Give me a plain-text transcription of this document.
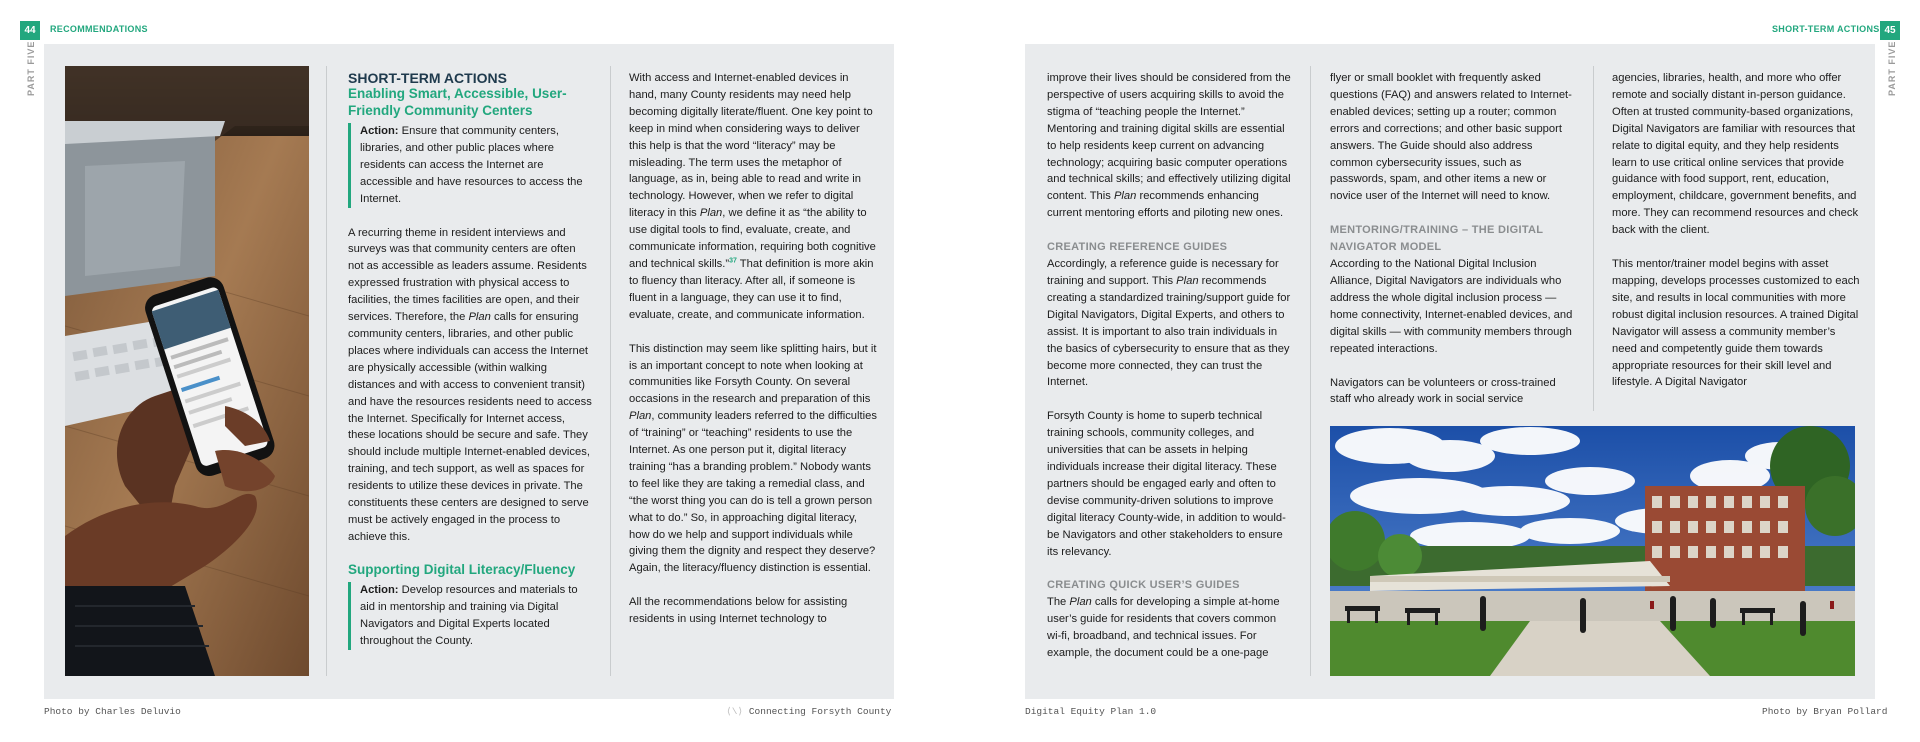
44	RECOMMENDATIONS
PART FIVE	SHORT-TERM ACTIONS
Enabling Smart, Accessible, User-Friendly Community Centers
Action: Ensure that community centers, libraries, and other public places where residents can access the Internet are accessible and have resources to access the Internet.

A recurring theme in resident interviews and surveys was that community centers are often not as accessible as leaders assume. Residents expressed frustration with physical access to facilities, the times facilities are open, and their services. Therefore, the Plan calls for ensuring community centers, libraries, and other public places where individuals can access the Internet are physically accessible (within walking distances and with access to convenient transit) and have the resources residents need to access the Internet. Specifically for Internet access, these locations should be secure and safe. They should include multiple Internet-enabled devices, training, and tech support, as well as spaces for residents to utilize these devices in private. The constituents these centers are designed to serve must be actively engaged in the process to achieve this.

Supporting Digital Literacy/Fluency
Action: Develop resources and materials to aid in mentorship and training via Digital Navigators and Digital Experts located throughout the County.

With access and Internet-enabled devices in hand, many County residents may need help becoming digitally literate/fluent. One key point to keep in mind when considering ways to deliver this help is that the word “literacy” may be misleading. The term uses the metaphor of language, as in, being able to read and write in technology. However, when we refer to digital literacy in this Plan, we define it as “the ability to use digital tools to find, evaluate, create, and communicate information, requiring both cognitive and technical skills.”$^{37}$ That definition is more akin to fluency than literacy. After all, if someone is fluent in a language, they can use it to find, evaluate, create, and communicate information.

This distinction may seem like splitting hairs, but it is an important concept to note when looking at communities like Forsyth County. On several occasions in the research and preparation of this Plan, community leaders referred to the difficulties of “training” or “teaching” residents to use the Internet. As one person put it, digital literacy training “has a branding problem.” Nobody wants to feel like they are taking a remedial class, and “the worst thing you can do is tell a grown person what to do.” So, in approaching digital literacy, how do we help and support individuals while giving them the dignity and respect they deserve? Again, the literacy/fluency distinction is essential.

All the recommendations below for assisting residents in using Internet technology to

Photo by Charles Deluvio	⟨\⟩ Connecting Forsyth County
SHORT-TERM ACTIONS 45
PART FIVE

improve their lives should be considered from the perspective of users acquiring skills to avoid the stigma of “teaching people the Internet.” Mentoring and training digital skills are essential to help residents keep current on advancing technology; acquiring basic computer operations and technical skills; and effectively utilizing digital content. This Plan recommends enhancing current mentoring efforts and piloting new ones.

CREATING REFERENCE GUIDES

Accordingly, a reference guide is necessary for training and support. This Plan recommends creating a standardized training/support guide for Digital Navigators, Digital Experts, and others to assist. It is important to also train individuals in the basics of cybersecurity to ensure that as they become more connected, they can trust the Internet.

Forsyth County is home to superb technical training schools, community colleges, and universities that can be assets in helping individuals increase their digital literacy. These partners should be engaged early and often to devise community-driven solutions to improve digital literacy County-wide, in addition to would-be Navigators and other stakeholders to ensure its relevancy.

CREATING QUICK USER’S GUIDES

The Plan calls for developing a simple at-home user’s guide for residents that covers common wi-fi, broadband, and technical issues. For example, the document could be a one-page

flyer or small booklet with frequently asked questions (FAQ) and answers related to Internet-enabled devices; setting up a router; common errors and corrections; and other basic support answers. The Guide should also address common cybersecurity issues, such as passwords, spam, and other items a new or novice user of the Internet will need to know.

MENTORING/TRAINING – THE DIGITAL NAVIGATOR MODEL

According to the National Digital Inclusion Alliance, Digital Navigators are individuals who address the whole digital inclusion process — home connectivity, Internet-enabled devices, and digital skills — with community members through repeated interactions.

Navigators can be volunteers or cross-trained staff who already work in social service

agencies, libraries, health, and more who offer remote and socially distant in-person guidance. Often at trusted community-based organizations, Digital Navigators are familiar with resources that relate to digital equity, and they help residents learn to use critical online services that provide guidance with food support, rent, education, employment, childcare, government benefits, and more. They can recommend resources and check back with the client.

This mentor/trainer model begins with asset mapping, develops processes customized to each site, and results in local communities with more robust digital inclusion resources. A trained Digital Navigator will assess a community member’s need and competently guide them towards appropriate resources for their skill level and lifestyle. A Digital Navigator

Digital Equity Plan 1.0	Photo by Bryan Pollard
